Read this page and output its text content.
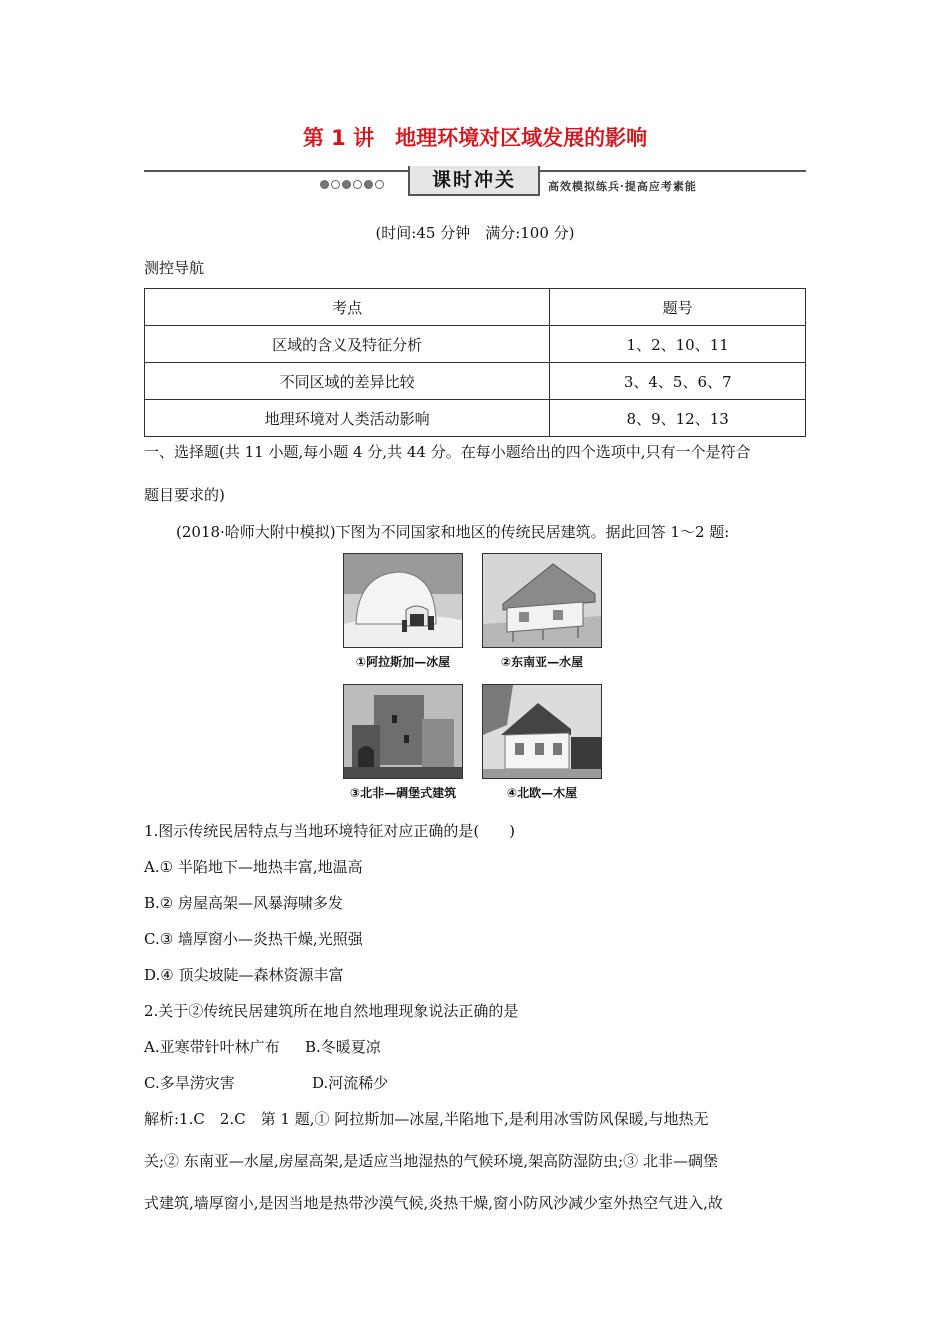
第 1 讲　地理环境对区域发展的影响
课时冲关	高效模拟练兵·提高应考素能
(时间:45 分钟　满分:100 分)
测控导航
考点	题号
区域的含义及特征分析	1、2、10、11
不同区域的差异比较	3、4、5、6、7
地理环境对人类活动影响	8、9、12、13
一、选择题(共 11 小题,每小题 4 分,共 44 分。在每小题给出的四个选项中,只有一个是符合
题目要求的)
(2018·哈师大附中模拟)下图为不同国家和地区的传统民居建筑。据此回答 1～2 题:
①阿拉斯加—冰屋	②东南亚—水屋
③北非—碉堡式建筑	④北欧—木屋
1.图示传统民居特点与当地环境特征对应正确的是(　　)
A.① 半陷地下—地热丰富,地温高
B.② 房屋高架—风暴海啸多发
C.③ 墙厚窗小—炎热干燥,光照强
D.④ 顶尖坡陡—森林资源丰富
2.关于②传统民居建筑所在地自然地理现象说法正确的是
A.亚寒带针叶林广布 B.冬暖夏凉
C.多旱涝灾害	D.河流稀少
解析:1.C　2.C　第 1 题,① 阿拉斯加—冰屋,半陷地下,是利用冰雪防风保暖,与地热无
关;② 东南亚—水屋,房屋高架,是适应当地湿热的气候环境,架高防湿防虫;③ 北非—碉堡
式建筑,墙厚窗小,是因当地是热带沙漠气候,炎热干燥,窗小防风沙减少室外热空气进入,故
